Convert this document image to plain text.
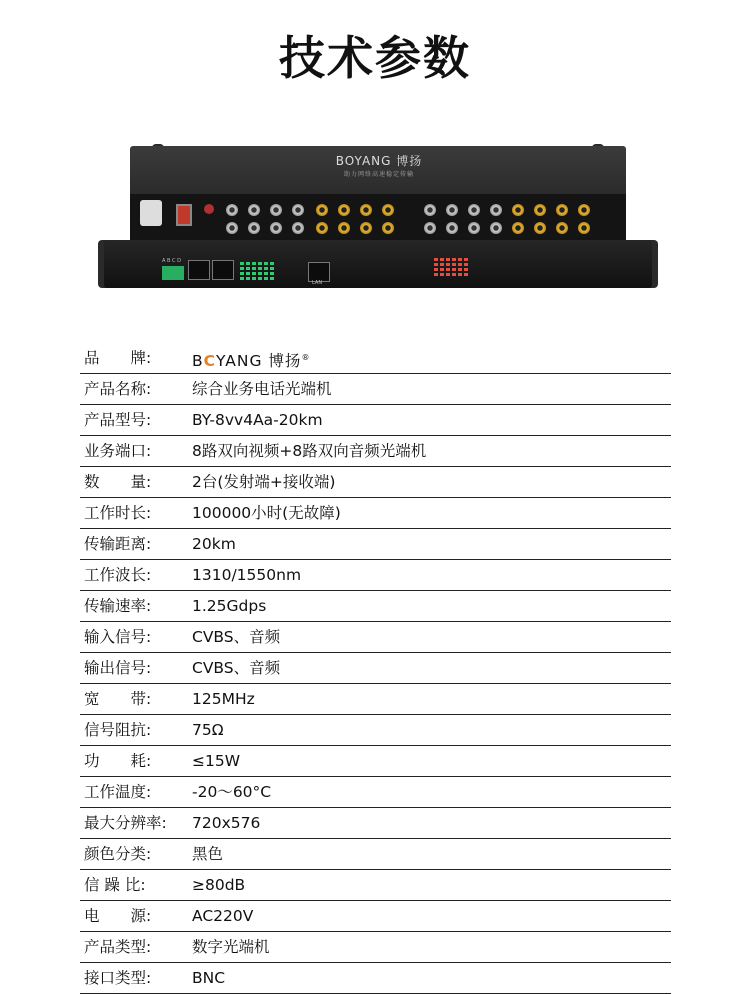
技术参数
BOYANG 博扬
助力网络高速稳定传输
A B C D
LAN
品　　牌:	BCYANG 博扬®
产品名称:	综合业务电话光端机
产品型号:	BY-8vv4Aa-20km
业务端口:	8路双向视频+8路双向音频光端机
数　　量:	2台(发射端+接收端)
工作时长:	100000小时(无故障)
传输距离:	20km
工作波长:	1310/1550nm
传输速率:	1.25Gdps
输入信号:	CVBS、音频
输出信号:	CVBS、音频
宽　　带:	125MHz
信号阻抗:	75Ω
功　　耗:	≤15W
工作温度:	-20～60°C
最大分辨率: 720x576
颜色分类:	黑色
信 躁 比:	≥80dB
电　　源:	AC220V
产品类型:	数字光端机
接口类型:	BNC
